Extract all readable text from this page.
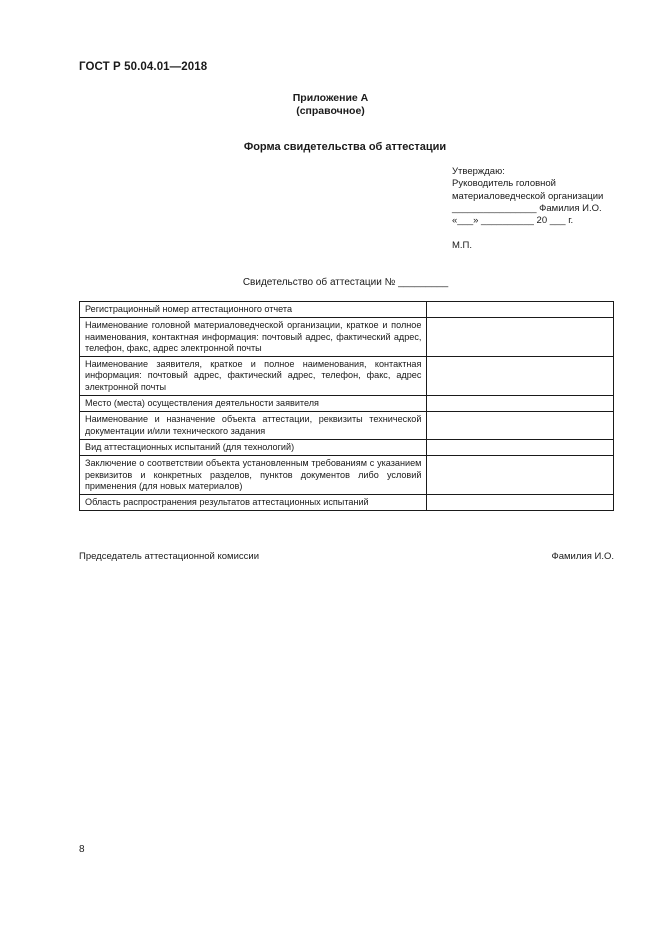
ГОСТ Р 50.04.01—2018
Приложение А
(справочное)
Форма свидетельства об аттестации
Утверждаю:
Руководитель головной
материаловедческой организации
________________ Фамилия И.О.
«___» __________ 20 ___ г.
М.П.
Свидетельство об аттестации № _________
Регистрационный номер аттестационного отчета	
Наименование головной материаловедческой организации, краткое и полное наименования, контактная информация: почтовый адрес, фактический адрес, телефон, факс, адрес электронной почты	
Наименование заявителя, краткое и полное наименования, контактная информация: почтовый адрес, фактический адрес, телефон, факс, адрес электронной почты	
Место (места) осуществления деятельности заявителя	
Наименование и назначение объекта аттестации, реквизиты технической документации и/или технического задания	
Вид аттестационных испытаний (для технологий)	
Заключение о соответствии объекта установленным требованиям с указанием реквизитов и конкретных разделов, пунктов документов либо условий применения (для новых материалов)	
Область распространения результатов аттестационных испытаний	
Председатель аттестационной комиссии	Фамилия И.О.
8
